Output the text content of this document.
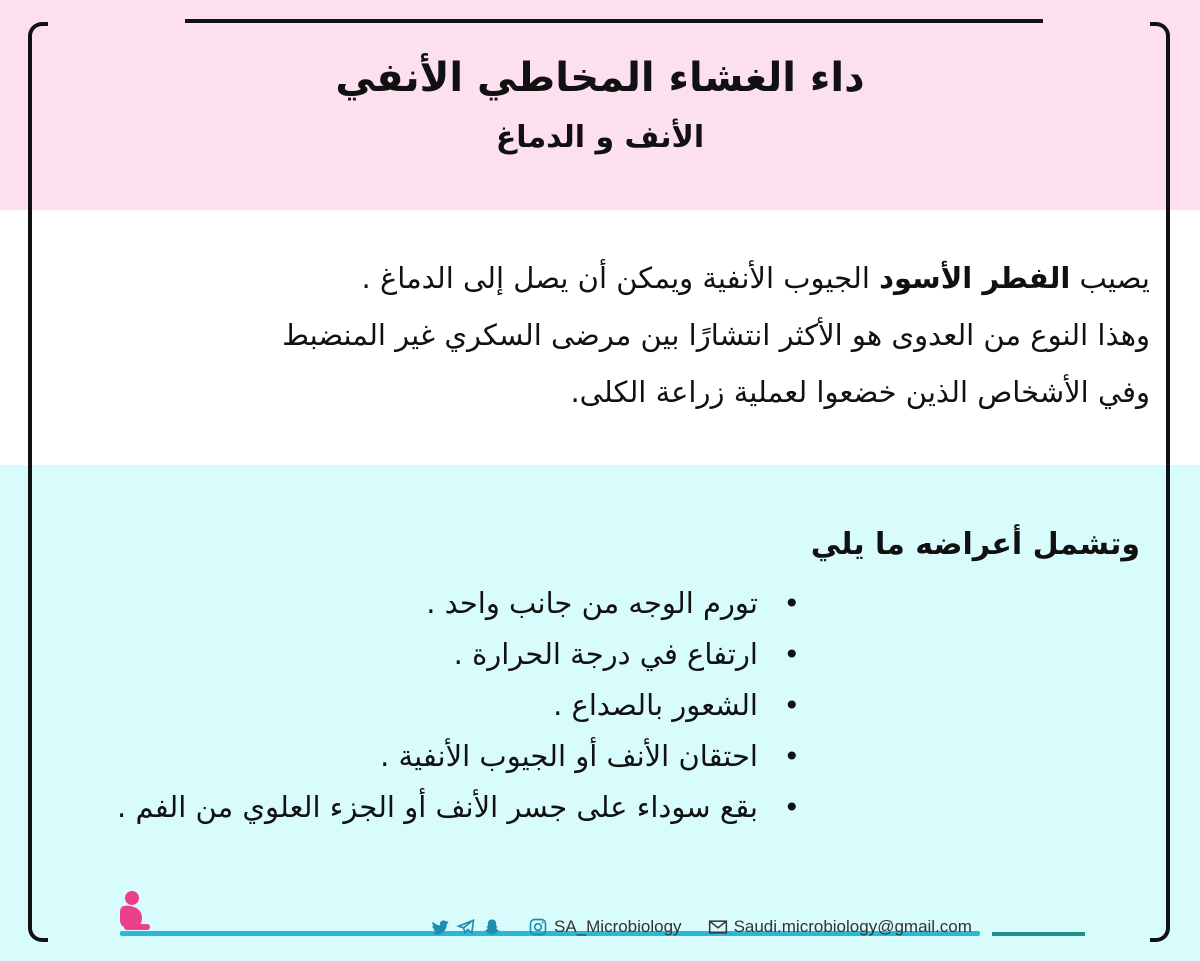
داء الغشاء المخاطي الأنفي
الأنف و الدماغ

يصيب الفطر الأسود الجيوب الأنفية ويمكن أن يصل إلى الدماغ .

وهذا النوع من العدوى هو الأكثر انتشارًا بين مرضى السكري غير المنضبط

وفي الأشخاص الذين خضعوا لعملية زراعة الكلى.

وتشمل أعراضه ما يلي
• تورم الوجه من جانب واحد .
• ارتفاع في درجة الحرارة .
• الشعور بالصداع .
• احتقان الأنف أو الجيوب الأنفية .
• بقع سوداء على جسر الأنف أو الجزء العلوي من الفم .
SA_Microbiology	Saudi.microbiology@gmail.com
